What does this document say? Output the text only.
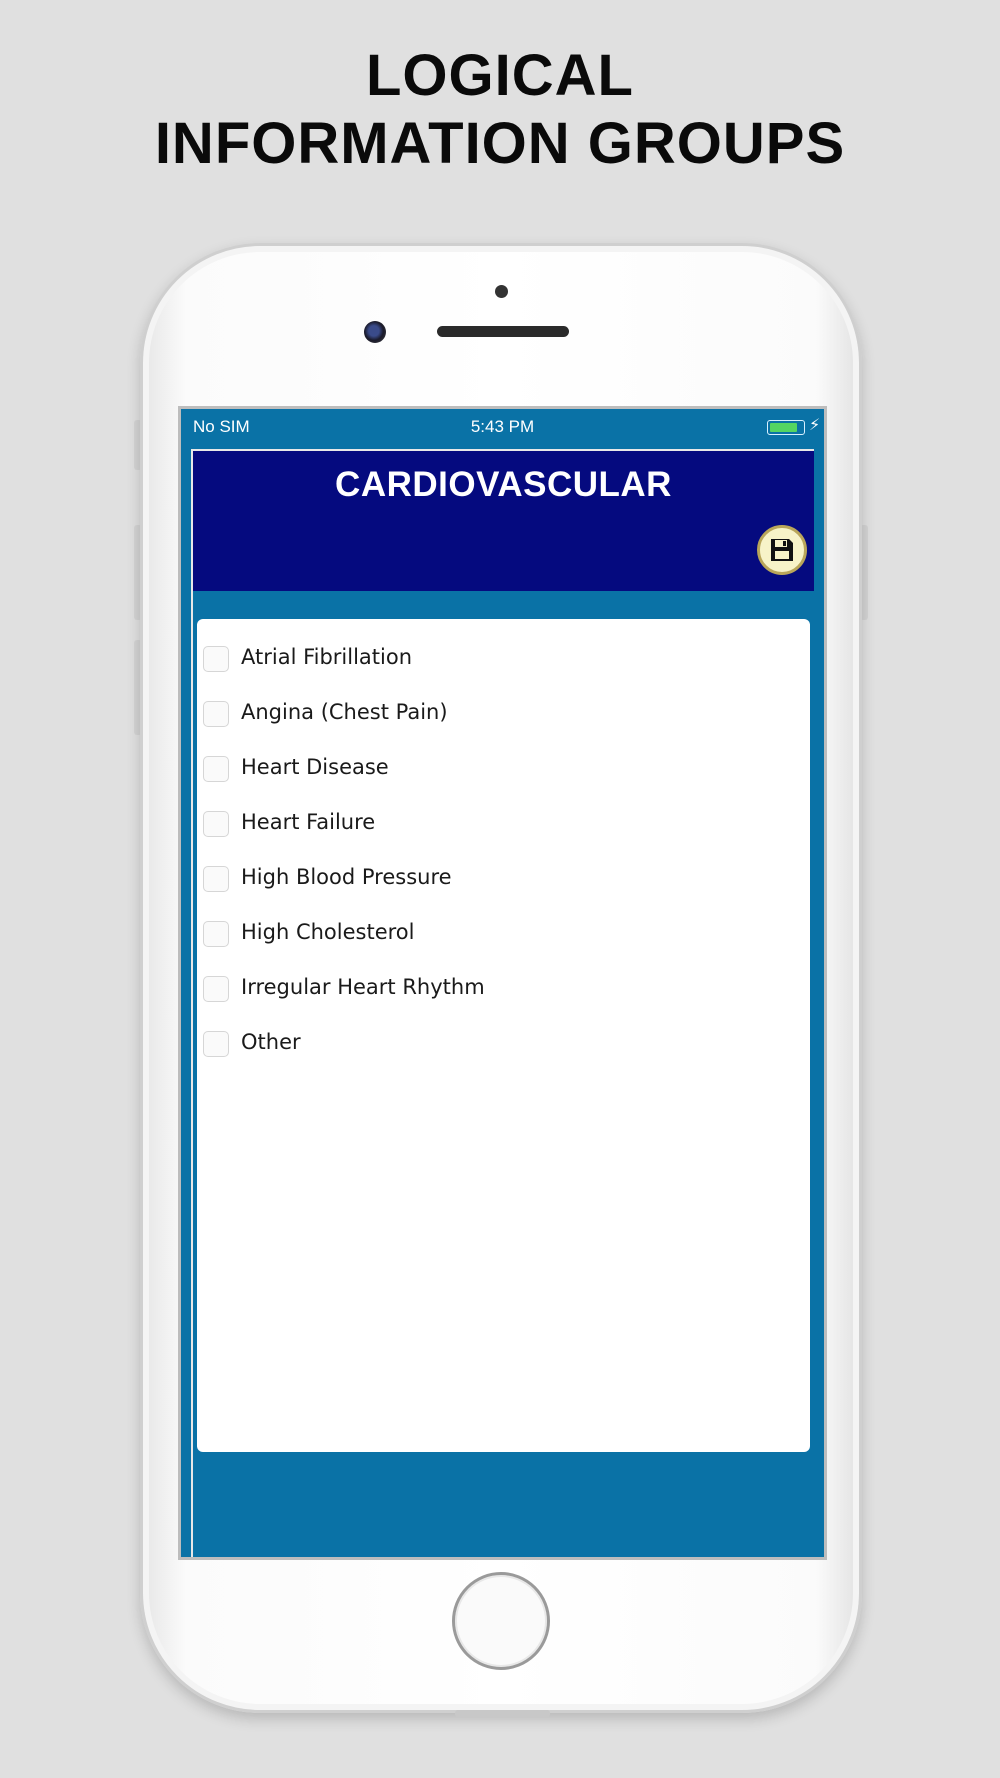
LOGICAL
INFORMATION GROUPS
No SIM	5:43 PM	⚡︎
CARDIOVASCULAR
Atrial Fibrillation
Angina (Chest Pain)
Heart Disease
Heart Failure
High Blood Pressure
High Cholesterol
Irregular Heart Rhythm
Other
